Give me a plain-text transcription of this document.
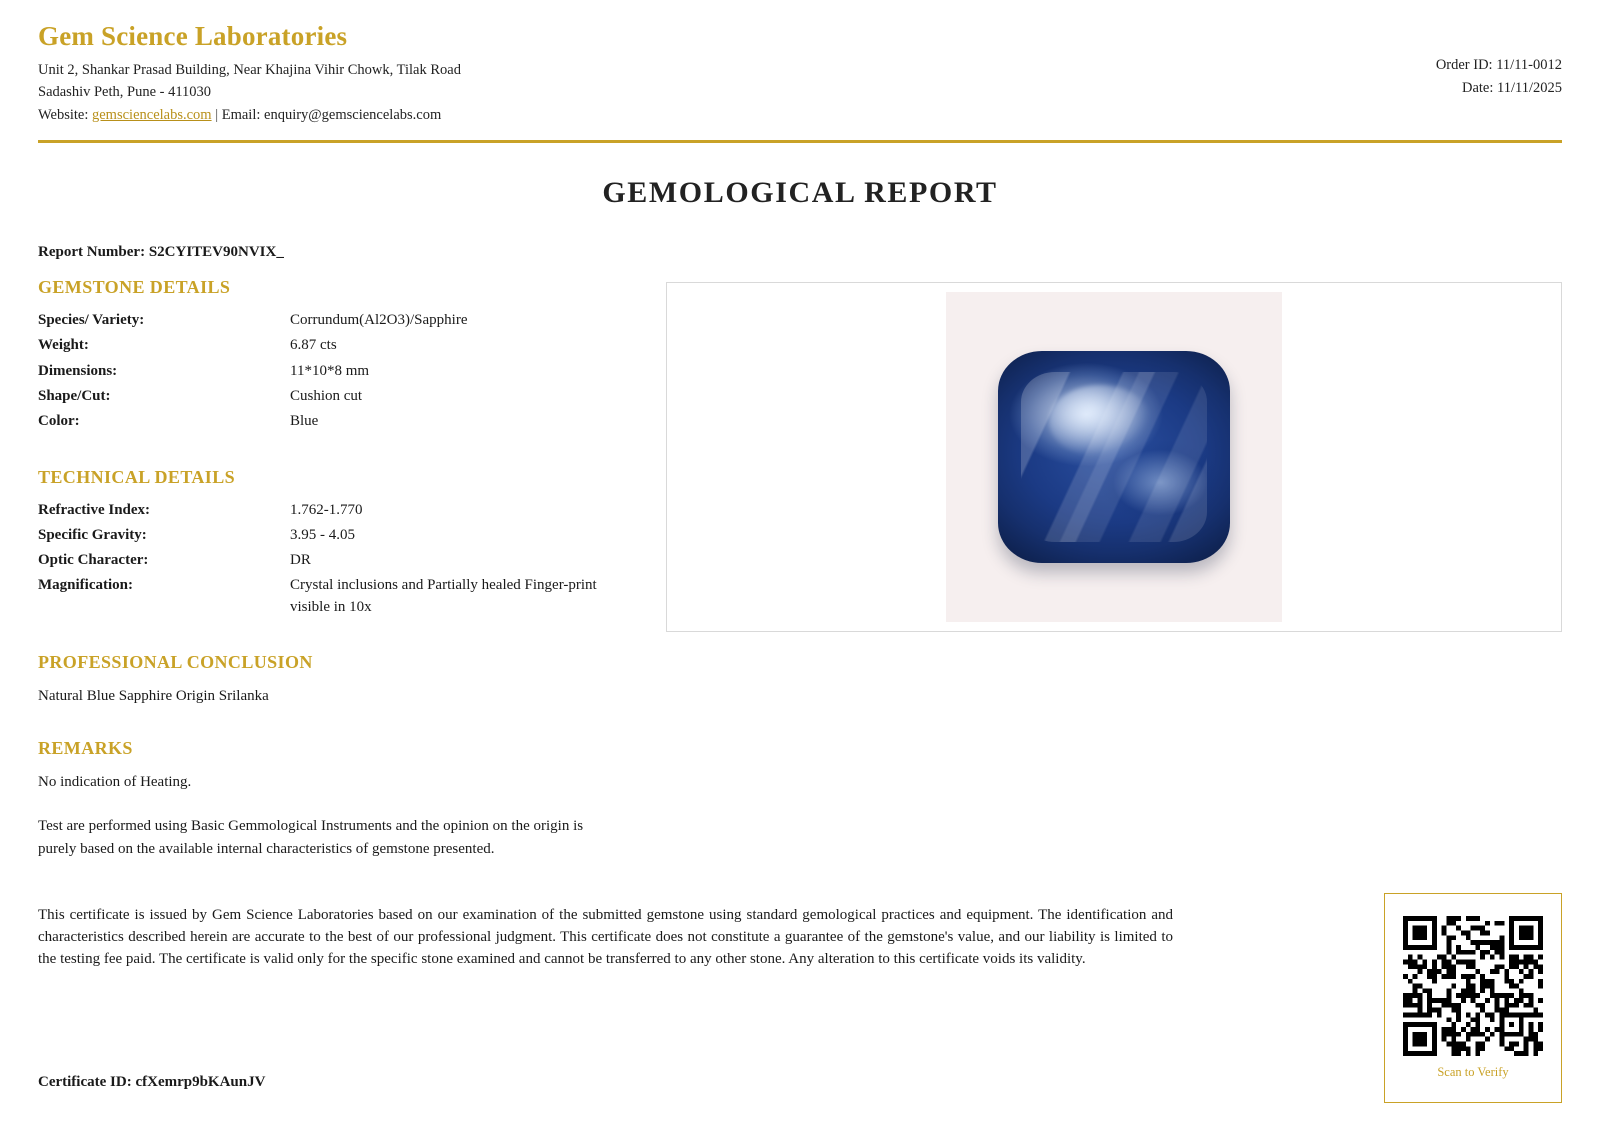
Gem Science Laboratories
Unit 2, Shankar Prasad Building, Near Khajina Vihir Chowk, Tilak Road
Sadashiv Peth, Pune - 411030
Website: gemsciencelabs.com | Email: enquiry@gemsciencelabs.com
Order ID: 11/11-0012
Date: 11/11/2025
GEMOLOGICAL REPORT
Report Number: S2CYITEV90NVIX_
GEMSTONE DETAILS
Species/ Variety:	Corrundum(Al2O3)/Sapphire
Weight:	6.87 cts
Dimensions:	11*10*8 mm
Shape/Cut:	Cushion cut
Color:	Blue
TECHNICAL DETAILS
Refractive Index:	1.762-1.770
Specific Gravity:	3.95 - 4.05
Optic Character:	DR
Magnification:	Crystal inclusions and Partially healed Finger-print visible in 10x
PROFESSIONAL CONCLUSION
Natural Blue Sapphire Origin Srilanka
REMARKS
No indication of Heating.
Test are performed using Basic Gemmological Instruments and the opinion on the origin is purely based on the available internal characteristics of gemstone presented.
This certificate is issued by Gem Science Laboratories based on our examination of the submitted gemstone using standard gemological practices and equipment. The identification and characteristics described herein are accurate to the best of our professional judgment. This certificate does not constitute a guarantee of the gemstone's value, and our liability is limited to the testing fee paid. The certificate is valid only for the specific stone examined and cannot be transferred to any other stone. Any alteration to this certificate voids its validity.
Certificate ID: cfXemrp9bKAunJV
Scan to Verify
